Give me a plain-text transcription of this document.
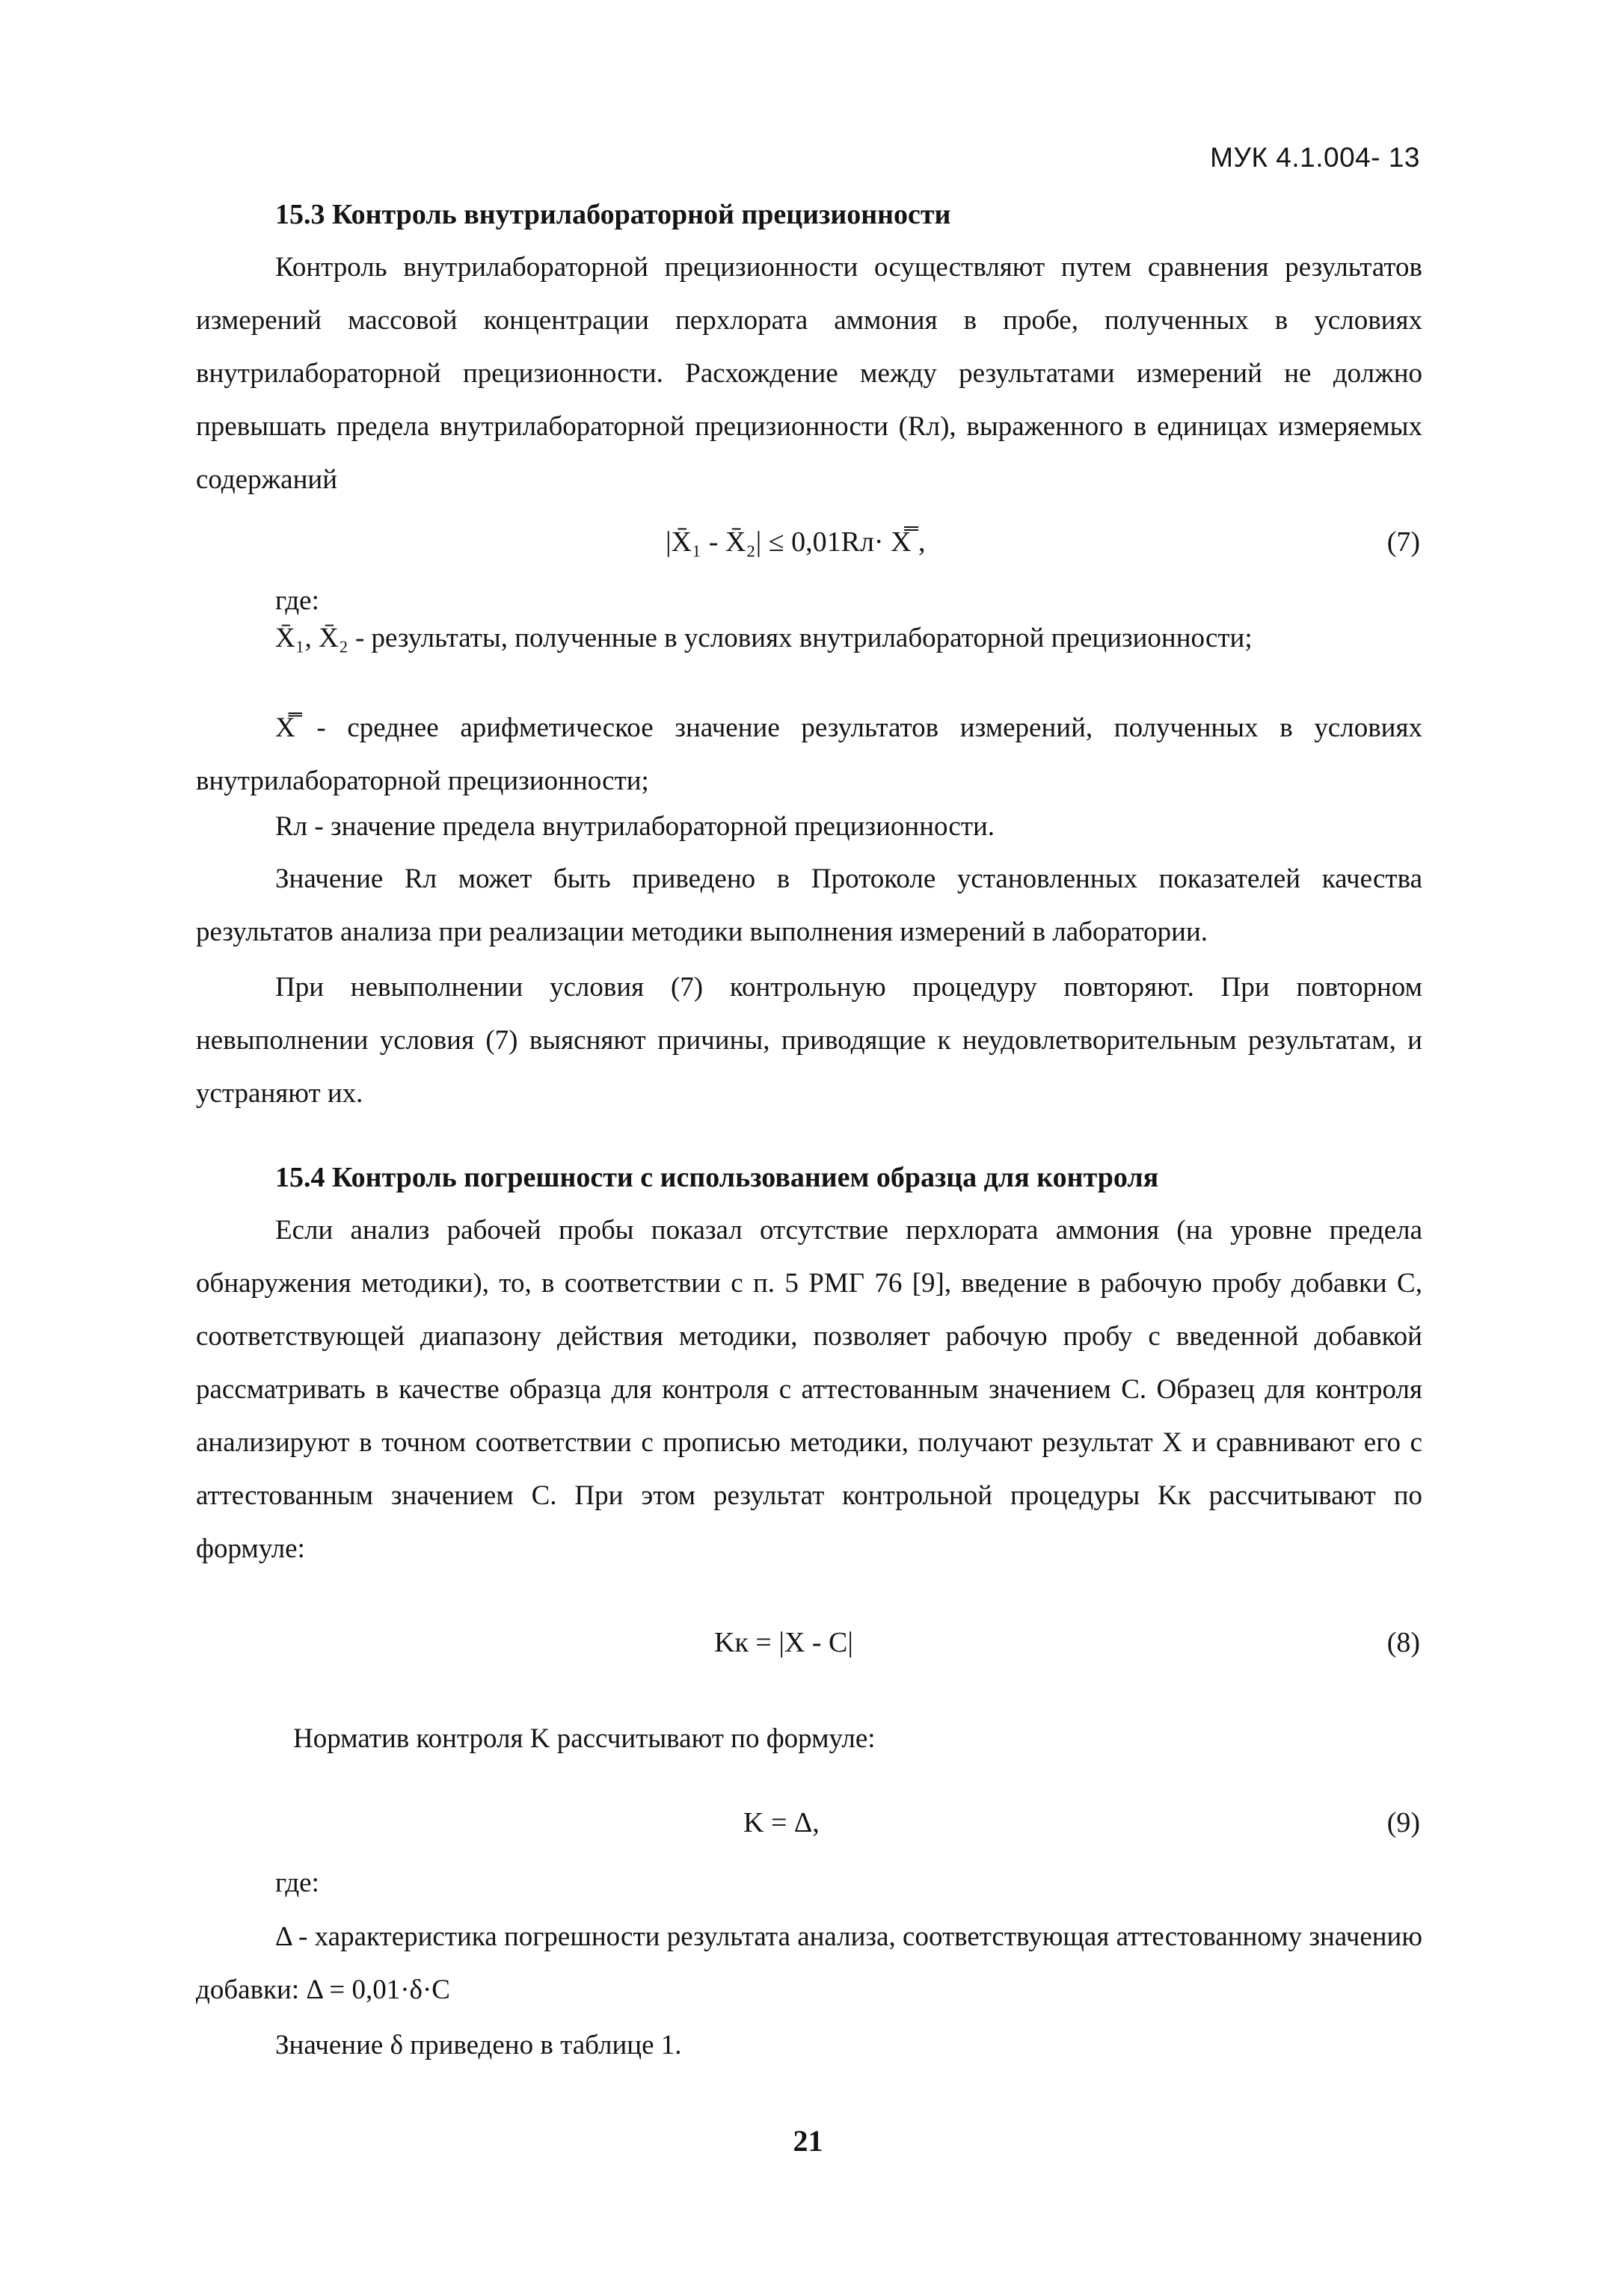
МУК 4.1.004- 13
15.3 Контроль внутрилабораторной прецизионности
Контроль внутрилабораторной прецизионности осуществляют путем сравнения результатов измерений массовой концентрации перхлората аммония в пробе, полученных в условиях внутрилабораторной прецизионности. Расхождение между результатами измерений не должно превышать предела внутрилабораторной прецизионности (Rл), выраженного в единицах измеряемых содержаний
|X̄₁ - X̄₂| ≤ 0,01Rл· X̿ ,	(7)
где:
X̄₁, X̄₂ - результаты, полученные в условиях внутрилабораторной прецизионности;
X̿ - среднее арифметическое значение результатов измерений, полученных в условиях внутрилабораторной прецизионности;
Rл - значение предела внутрилабораторной прецизионности.
Значение Rл может быть приведено в Протоколе установленных показателей качества результатов анализа при реализации методики выполнения измерений в лаборатории.
При невыполнении условия (7) контрольную процедуру повторяют. При повторном невыполнении условия (7) выясняют причины, приводящие к неудовлетворительным результатам, и устраняют их.
15.4 Контроль погрешности с использованием образца для контроля
Если анализ рабочей пробы показал отсутствие перхлората аммония (на уровне предела обнаружения методики), то, в соответствии с п. 5 РМГ 76 [9], введение в рабочую пробу добавки C, соответствующей диапазону действия методики, позволяет рабочую пробу с введенной добавкой рассматривать в качестве образца для контроля с аттестованным значением C. Образец для контроля анализируют в точном соответствии с прописью методики, получают результат X и сравнивают его с аттестованным значением C. При этом результат контрольной процедуры Kк рассчитывают по формуле:
Kк = |X - C|	(8)
Норматив контроля K рассчитывают по формуле:
K = Δ,	(9)
где:
Δ - характеристика погрешности результата анализа, соответствующая аттестованному значению добавки: Δ = 0,01·δ·C
Значение δ приведено в таблице 1.
21
